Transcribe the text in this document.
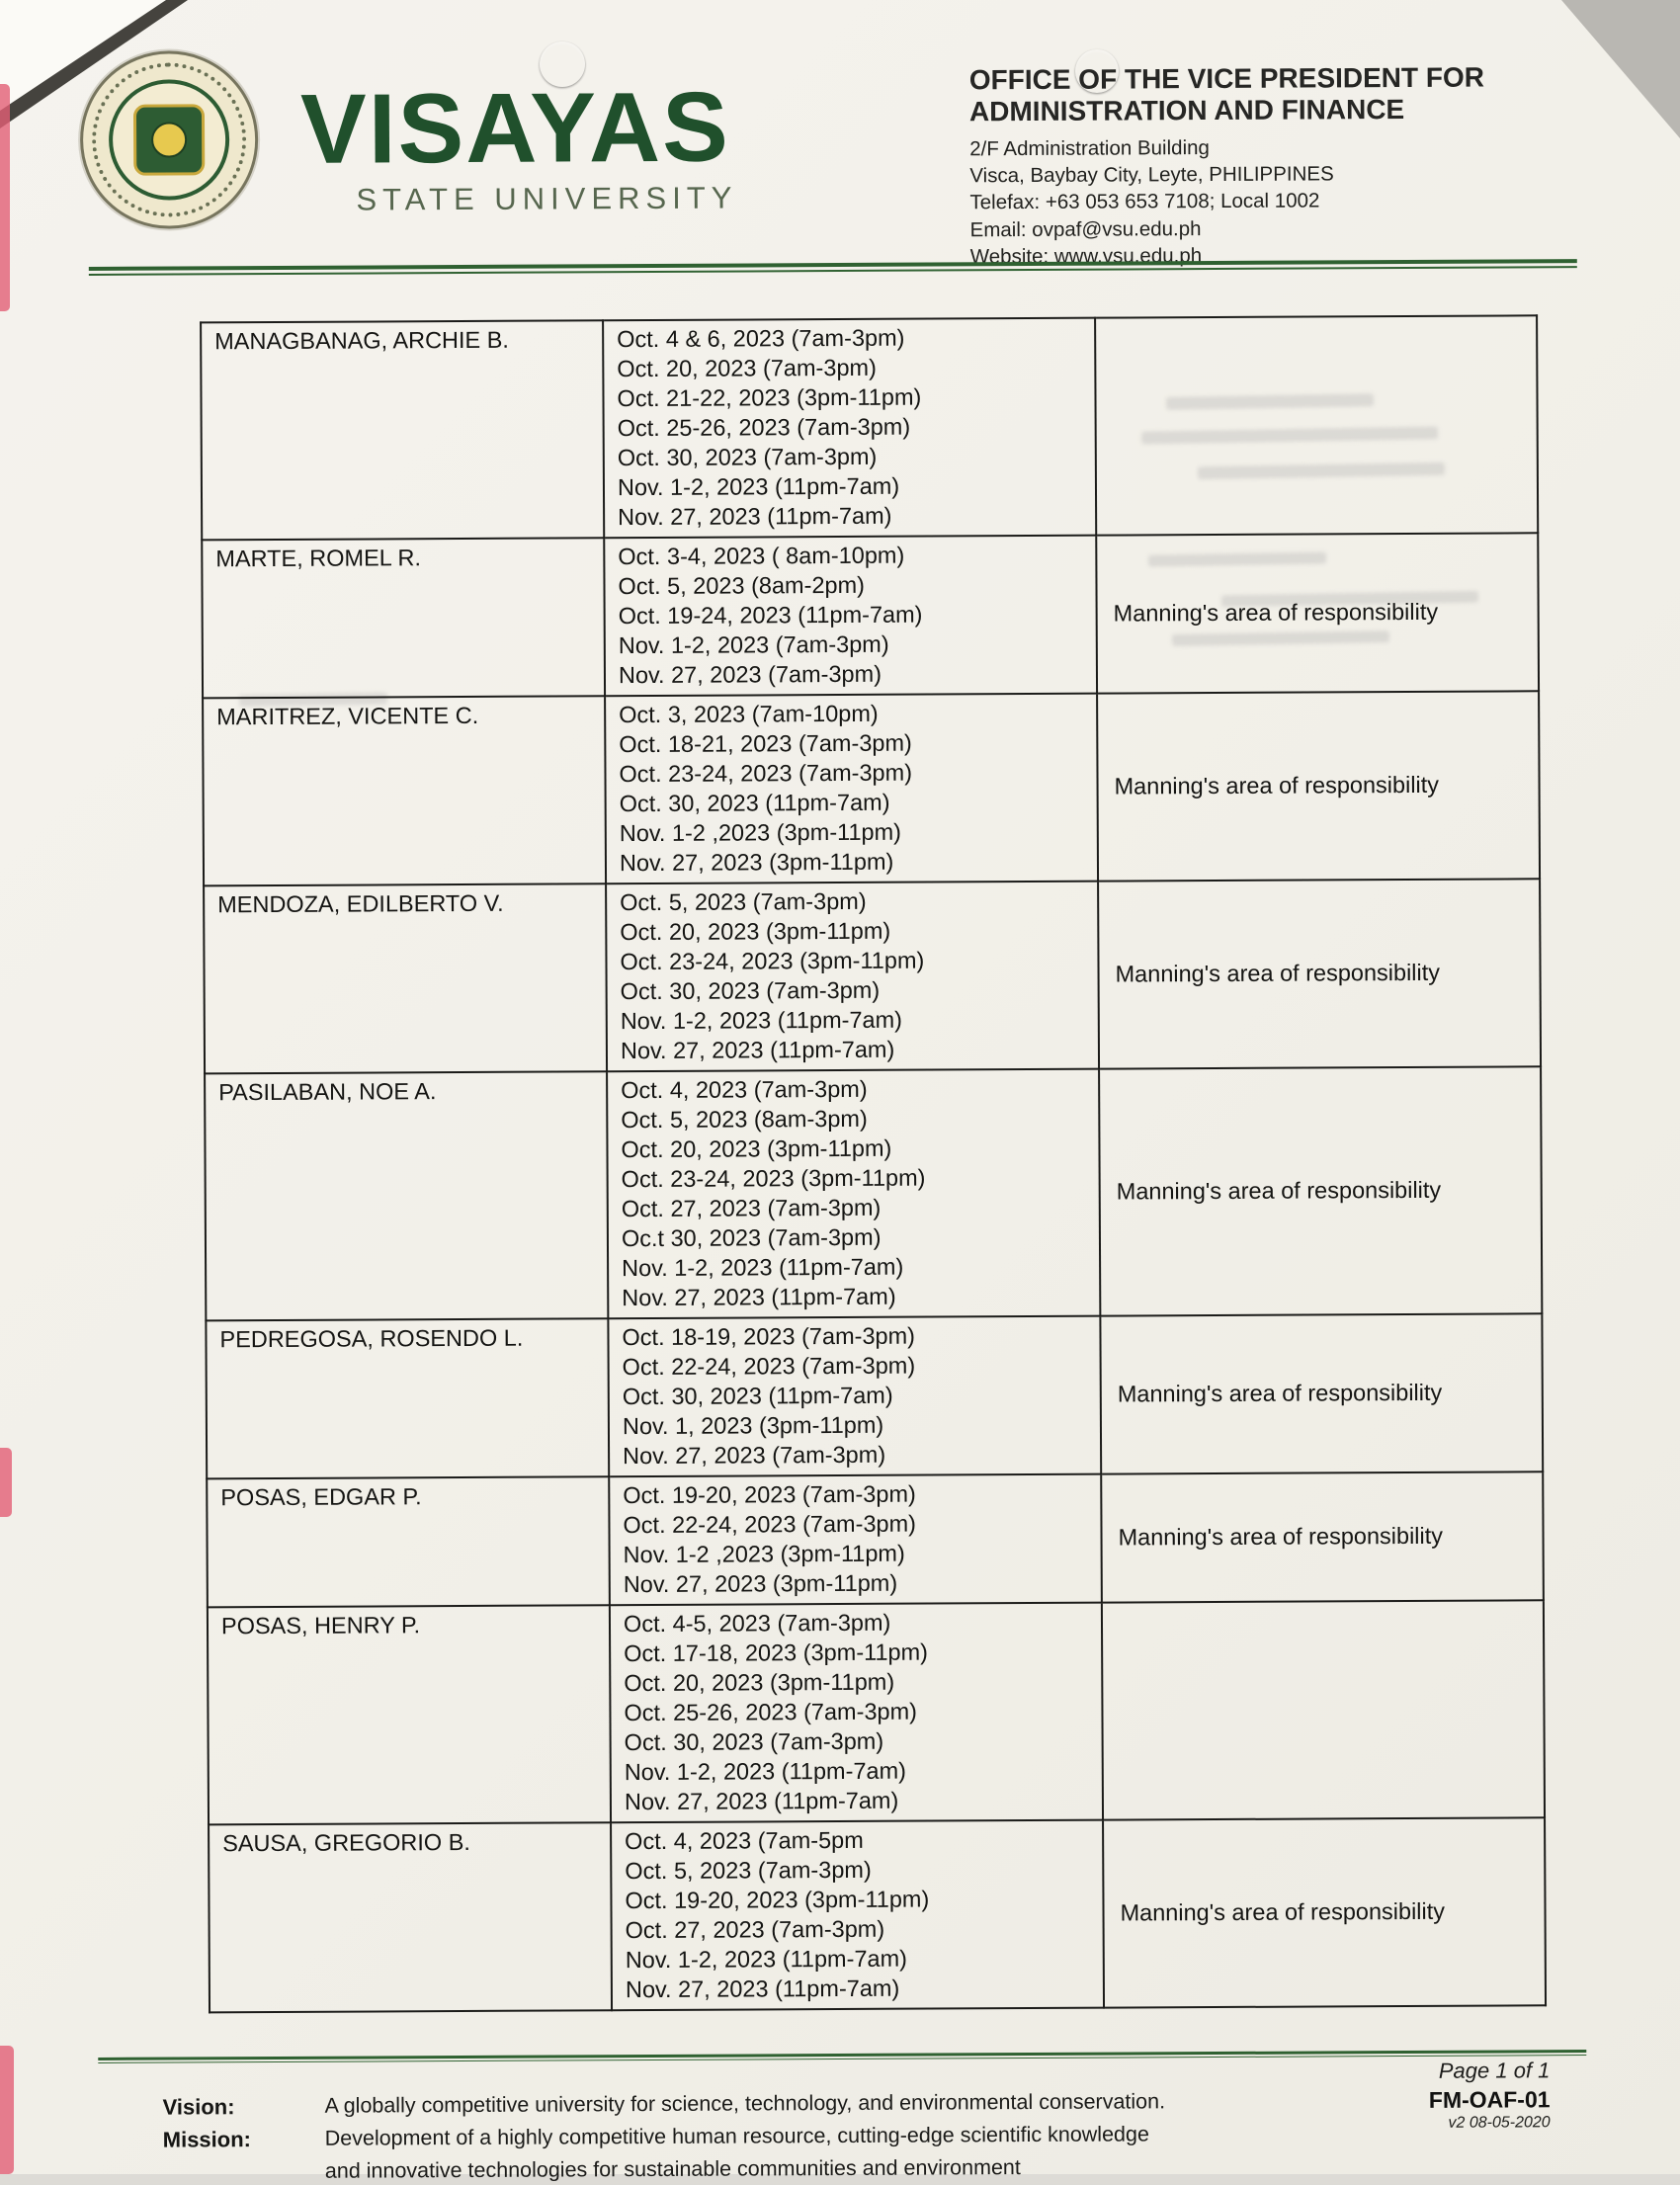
VISAYAS
STATE UNIVERSITY
OFFICE OF THE VICE PRESIDENT FOR
ADMINISTRATION AND FINANCE
2/F Administration Building
Visca, Baybay City, Leyte, PHILIPPINES
Telefax: +63 053 653 7108; Local 1002
Email: ovpaf@vsu.edu.ph
Website: www.vsu.edu.ph
MANAGBANAG, ARCHIE B.	Oct. 4 & 6, 2023 (7am-3pm)
Oct. 20, 2023 (7am-3pm)
Oct. 21-22, 2023 (3pm-11pm)
Oct. 25-26, 2023 (7am-3pm)
Oct. 30, 2023 (7am-3pm)
Nov. 1-2, 2023 (11pm-7am)
Nov. 27, 2023 (11pm-7am)

MARTE, ROMEL R.	Oct. 3-4, 2023 ( 8am-10pm)
Oct. 5, 2023 (8am-2pm)
Oct. 19-24, 2023 (11pm-7am)
Nov. 1-2, 2023 (7am-3pm)
Nov. 27, 2023 (7am-3pm)	Manning's area of responsibility
MARITREZ, VICENTE C.	Oct. 3, 2023 (7am-10pm)
Oct. 18-21, 2023 (7am-3pm)
Oct. 23-24, 2023 (7am-3pm)
Oct. 30, 2023 (11pm-7am)
Nov. 1-2 ,2023 (3pm-11pm)
Nov. 27, 2023 (3pm-11pm)
	Manning's area of responsibility
MENDOZA, EDILBERTO V.	Oct. 5, 2023 (7am-3pm)
Oct. 20, 2023 (3pm-11pm)
Oct. 23-24, 2023 (3pm-11pm)
Oct. 30, 2023 (7am-3pm)
Nov. 1-2, 2023 (11pm-7am)
Nov. 27, 2023 (11pm-7am)
	Manning's area of responsibility
PASILABAN, NOE A.	Oct. 4, 2023 (7am-3pm)
Oct. 5, 2023 (8am-3pm)
Oct. 20, 2023 (3pm-11pm)
Oct. 23-24, 2023 (3pm-11pm)
Oct. 27, 2023 (7am-3pm)
Oc.t 30, 2023 (7am-3pm)
Nov. 1-2, 2023 (11pm-7am)
Nov. 27, 2023 (11pm-7am)
	Manning's area of responsibility
PEDREGOSA, ROSENDO L.	Oct. 18-19, 2023 (7am-3pm)
Oct. 22-24, 2023 (7am-3pm)
Oct. 30, 2023 (11pm-7am)
Nov. 1, 2023 (3pm-11pm)
Nov. 27, 2023 (7am-3pm)	Manning's area of responsibility
POSAS, EDGAR P.	Oct. 19-20, 2023 (7am-3pm)
Oct. 22-24, 2023 (7am-3pm)
Nov. 1-2 ,2023 (3pm-11pm)
Nov. 27, 2023 (3pm-11pm)	Manning's area of responsibility
POSAS, HENRY P.	Oct. 4-5, 2023 (7am-3pm)
Oct. 17-18, 2023 (3pm-11pm)
Oct. 20, 2023 (3pm-11pm)
Oct. 25-26, 2023 (7am-3pm)
Oct. 30, 2023 (7am-3pm)
Nov. 1-2, 2023 (11pm-7am)
Nov. 27, 2023 (11pm-7am)

SAUSA, GREGORIO B.	Oct. 4, 2023 (7am-5pm
Oct. 5, 2023 (7am-3pm)
Oct. 19-20, 2023 (3pm-11pm)
Oct. 27, 2023 (7am-3pm)
Nov. 1-2, 2023 (11pm-7am)
Nov. 27, 2023 (11pm-7am)
	Manning's area of responsibility
Page 1 of 1
FM-OAF-01
v2 08-05-2020
Vision:	A globally competitive university for science, technology, and environmental conservation.
Mission:	Development of a highly competitive human resource, cutting-edge scientific knowledge
and innovative technologies for sustainable communities and environment
